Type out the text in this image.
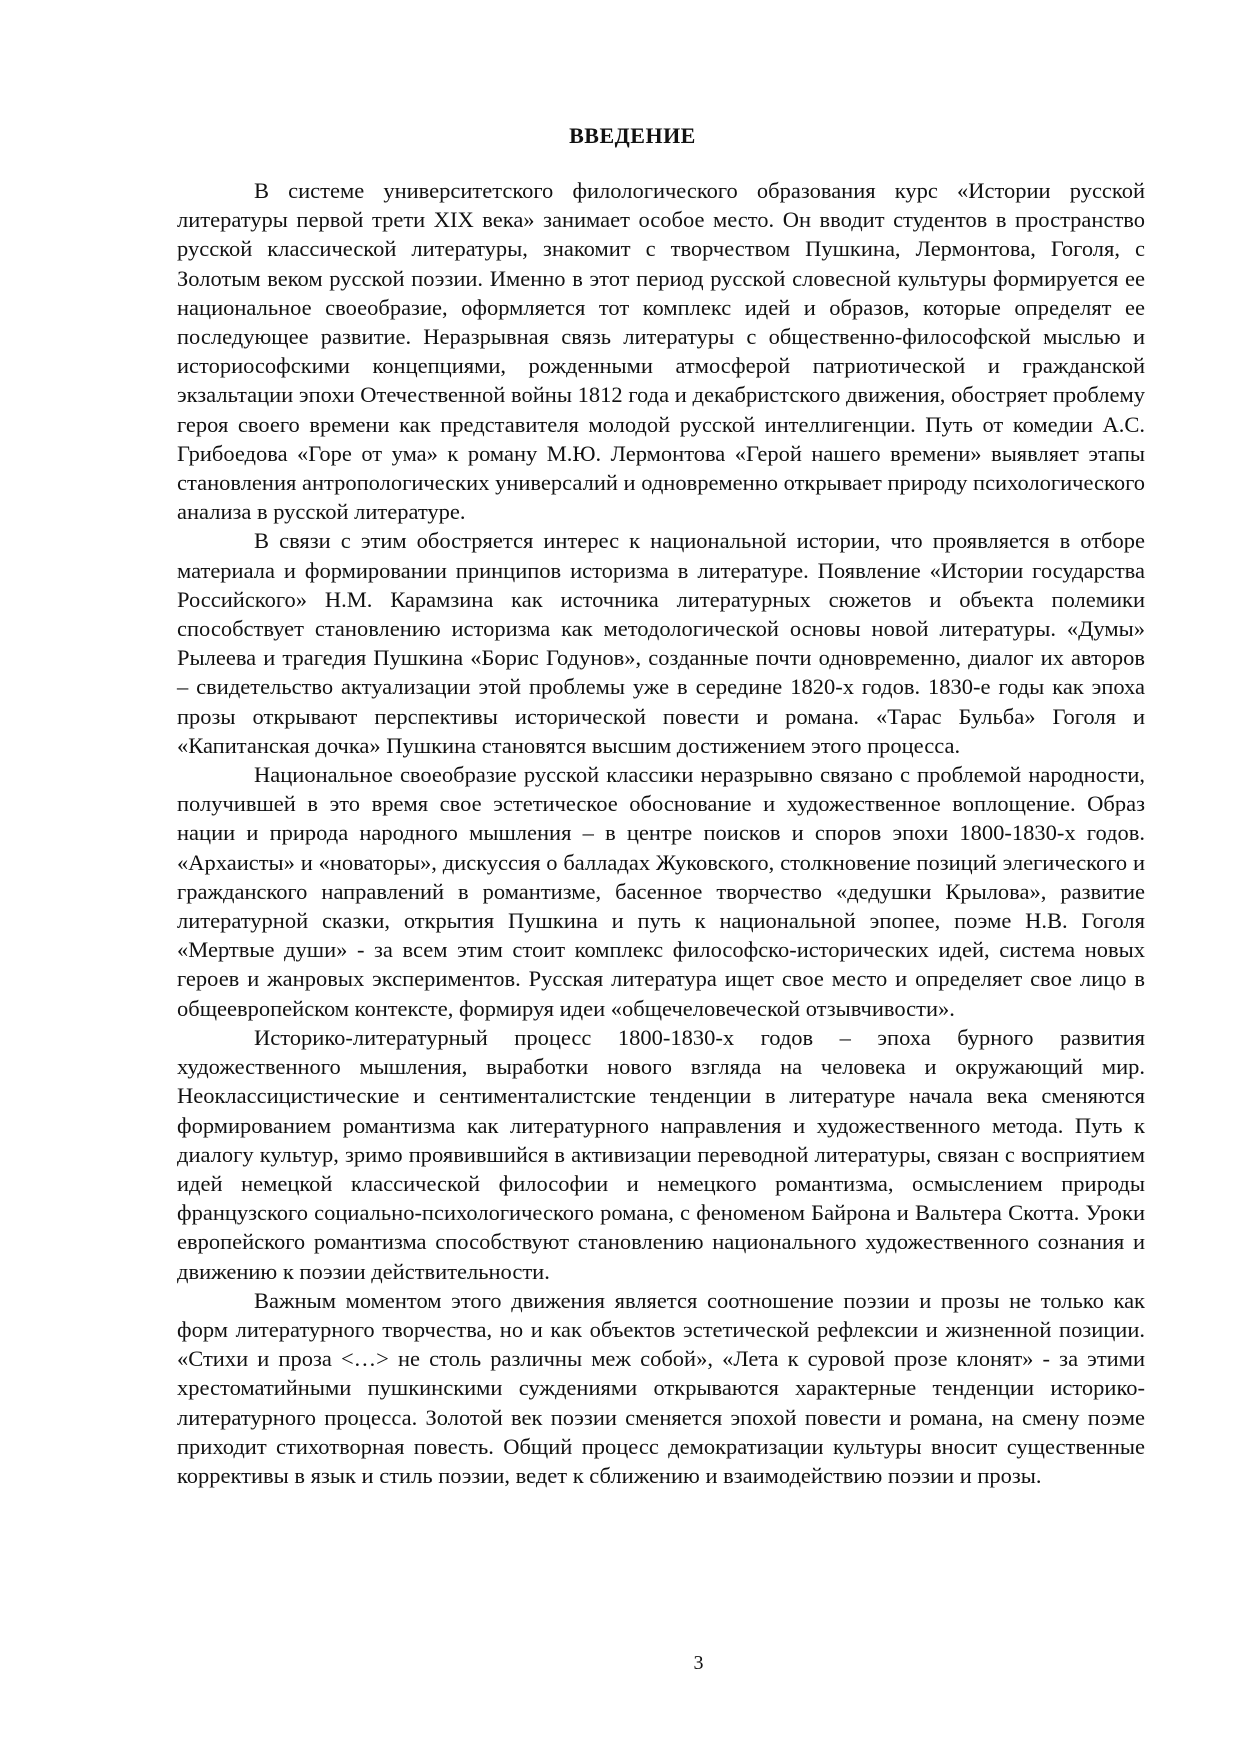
ВВЕДЕНИЕ

В системе университетского филологического образования курс «Истории русской литературы первой трети XIX века» занимает особое место. Он вводит студентов в пространство русской классической литературы, знакомит с творчеством Пушкина, Лермонтова, Гоголя, с Золотым веком русской поэзии. Именно в этот период русской словесной культуры формируется ее национальное своеобразие, оформляется тот комплекс идей и образов, которые определят ее последующее развитие. Неразрывная связь литературы с общественно-философской мыслью и историософскими концепциями, рожденными атмосферой патриотической и гражданской экзальтации эпохи Отечественной войны 1812 года и декабристского движения, обостряет проблему героя своего времени как представителя молодой русской интеллигенции. Путь от комедии А.С. Грибоедова «Горе от ума» к роману М.Ю. Лермонтова «Герой нашего времени» выявляет этапы становления антропологических универсалий и одновременно открывает природу психологического анализа в русской литературе.

В связи с этим обостряется интерес к национальной истории, что проявляется в отборе материала и формировании принципов историзма в литературе. Появление «Истории государства Российского» Н.М. Карамзина как источника литературных сюжетов и объекта полемики способствует становлению историзма как методологической основы новой литературы. «Думы» Рылеева и трагедия Пушкина «Борис Годунов», созданные почти одновременно, диалог их авторов – свидетельство актуализации этой проблемы уже в середине 1820-х годов. 1830-е годы как эпоха прозы открывают перспективы исторической повести и романа. «Тарас Бульба» Гоголя и «Капитанская дочка» Пушкина становятся высшим достижением этого процесса.

Национальное своеобразие русской классики неразрывно связано с проблемой народности, получившей в это время свое эстетическое обоснование и художественное воплощение. Образ нации и природа народного мышления – в центре поисков и споров эпохи 1800-1830-х годов. «Архаисты» и «новаторы», дискуссия о балладах Жуковского, столкновение позиций элегического и гражданского направлений в романтизме, басенное творчество «дедушки Крылова», развитие литературной сказки, открытия Пушкина и путь к национальной эпопее, поэме Н.В. Гоголя «Мертвые души» - за всем этим стоит комплекс философско-исторических идей, система новых героев и жанровых экспериментов. Русская литература ищет свое место и определяет свое лицо в общеевропейском контексте, формируя идеи «общечеловеческой отзывчивости».

Историко-литературный процесс 1800-1830-х годов – эпоха бурного развития художественного мышления, выработки нового взгляда на человека и окружающий мир. Неоклассицистические и сентименталистские тенденции в литературе начала века сменяются формированием романтизма как литературного направления и художественного метода. Путь к диалогу культур, зримо проявившийся в активизации переводной литературы, связан с восприятием идей немецкой классической философии и немецкого романтизма, осмыслением природы французского социально-психологического романа, с феноменом Байрона и Вальтера Скотта. Уроки европейского романтизма способствуют становлению национального художественного сознания и движению к поэзии действительности.

Важным моментом этого движения является соотношение поэзии и прозы не только как форм литературного творчества, но и как объектов эстетической рефлексии и жизненной позиции. «Стихи и проза <…> не столь различны меж собой», «Лета к суровой прозе клонят» - за этими хрестоматийными пушкинскими суждениями открываются характерные тенденции историко-литературного процесса. Золотой век поэзии сменяется эпохой повести и романа, на смену поэме приходит стихотворная повесть. Общий процесс демократизации культуры вносит существенные коррективы в язык и стиль поэзии, ведет к сближению и взаимодействию поэзии и прозы.

3
